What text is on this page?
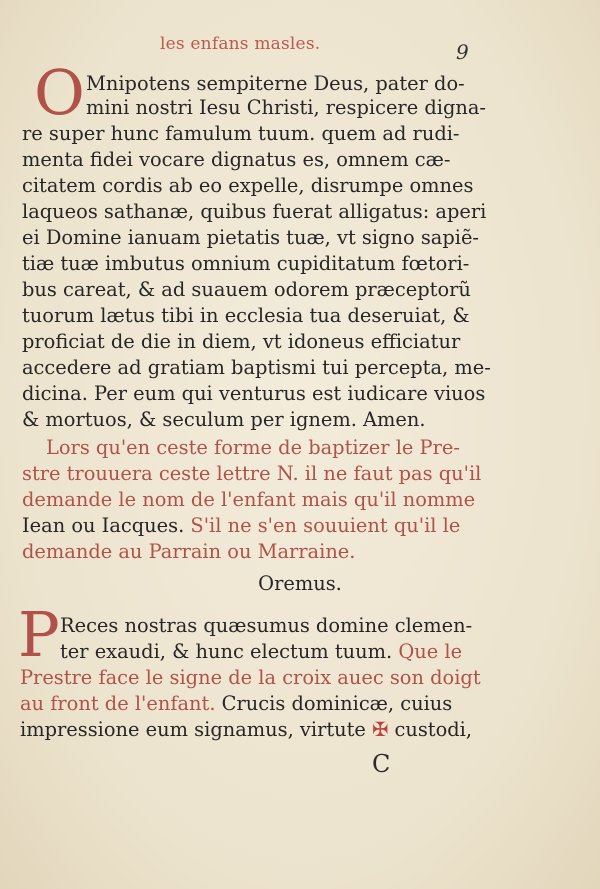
les enfans masles.	9
O Mnipotens sempiterne Deus, pater do-
mini nostri Iesu Christi, respicere digna-
re super hunc famulum tuum. quem ad rudi-
menta fidei vocare dignatus es, omnem cæ-
citatem cordis ab eo expelle, disrumpe omnes
laqueos sathanæ, quibus fuerat alligatus: aperi
ei Domine ianuam pietatis tuæ, vt signo sapiẽ-
tiæ tuæ imbutus omnium cupiditatum fœtori-
bus careat, & ad suauem odorem præceptorũ
tuorum lætus tibi in ecclesia tua deseruiat, &
proficiat de die in diem, vt idoneus efficiatur
accedere ad gratiam baptismi tui percepta, me-
dicina. Per eum qui venturus est iudicare viuos
& mortuos, & seculum per ignem. Amen.
Lors qu'en ceste forme de baptizer le Pre-
stre trouuera ceste lettre N. il ne faut pas qu'il
demande le nom de l'enfant mais qu'il nomme
Iean ou Iacques. S'il ne s'en souuient qu'il le
demande au Parrain ou Marraine.
Oremus.
P Reces nostras quæsumus domine clemen-
ter exaudi, & hunc electum tuum. Que le
Prestre face le signe de la croix auec son doigt
au front de l'enfant. Crucis dominicæ, cuius
impressione eum signamus, virtute ✠ custodi,
C
